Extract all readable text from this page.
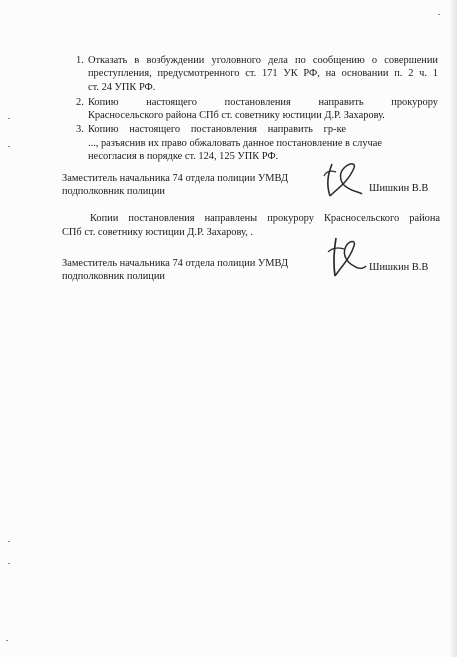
1. Отказать в возбуждении уголовного дела по сообщению о совершении
преступления, предусмотренного ст. 171 УК РФ, на основании п. 2 ч. 1
ст. 24 УПК РФ.
2. Копию настоящего постановления направить прокурору
Красносельского района СПб ст. советнику юстиции Д.Р. Захарову.
3. Копию настоящего постановления направить гр-ке
..., разъяснив их право обжаловать данное постановление в случае
несогласия в порядке ст. 124, 125 УПК РФ.
Заместитель начальника 74 отдела полиции УМВД
подполковник полиции	Шишкин В.В
Копии постановления направлены прокурору Красносельского района
СПб ст. советнику юстиции Д.Р. Захарову, .
Заместитель начальника 74 отдела полиции УМВД
подполковник полиции
Шишкин В.В
